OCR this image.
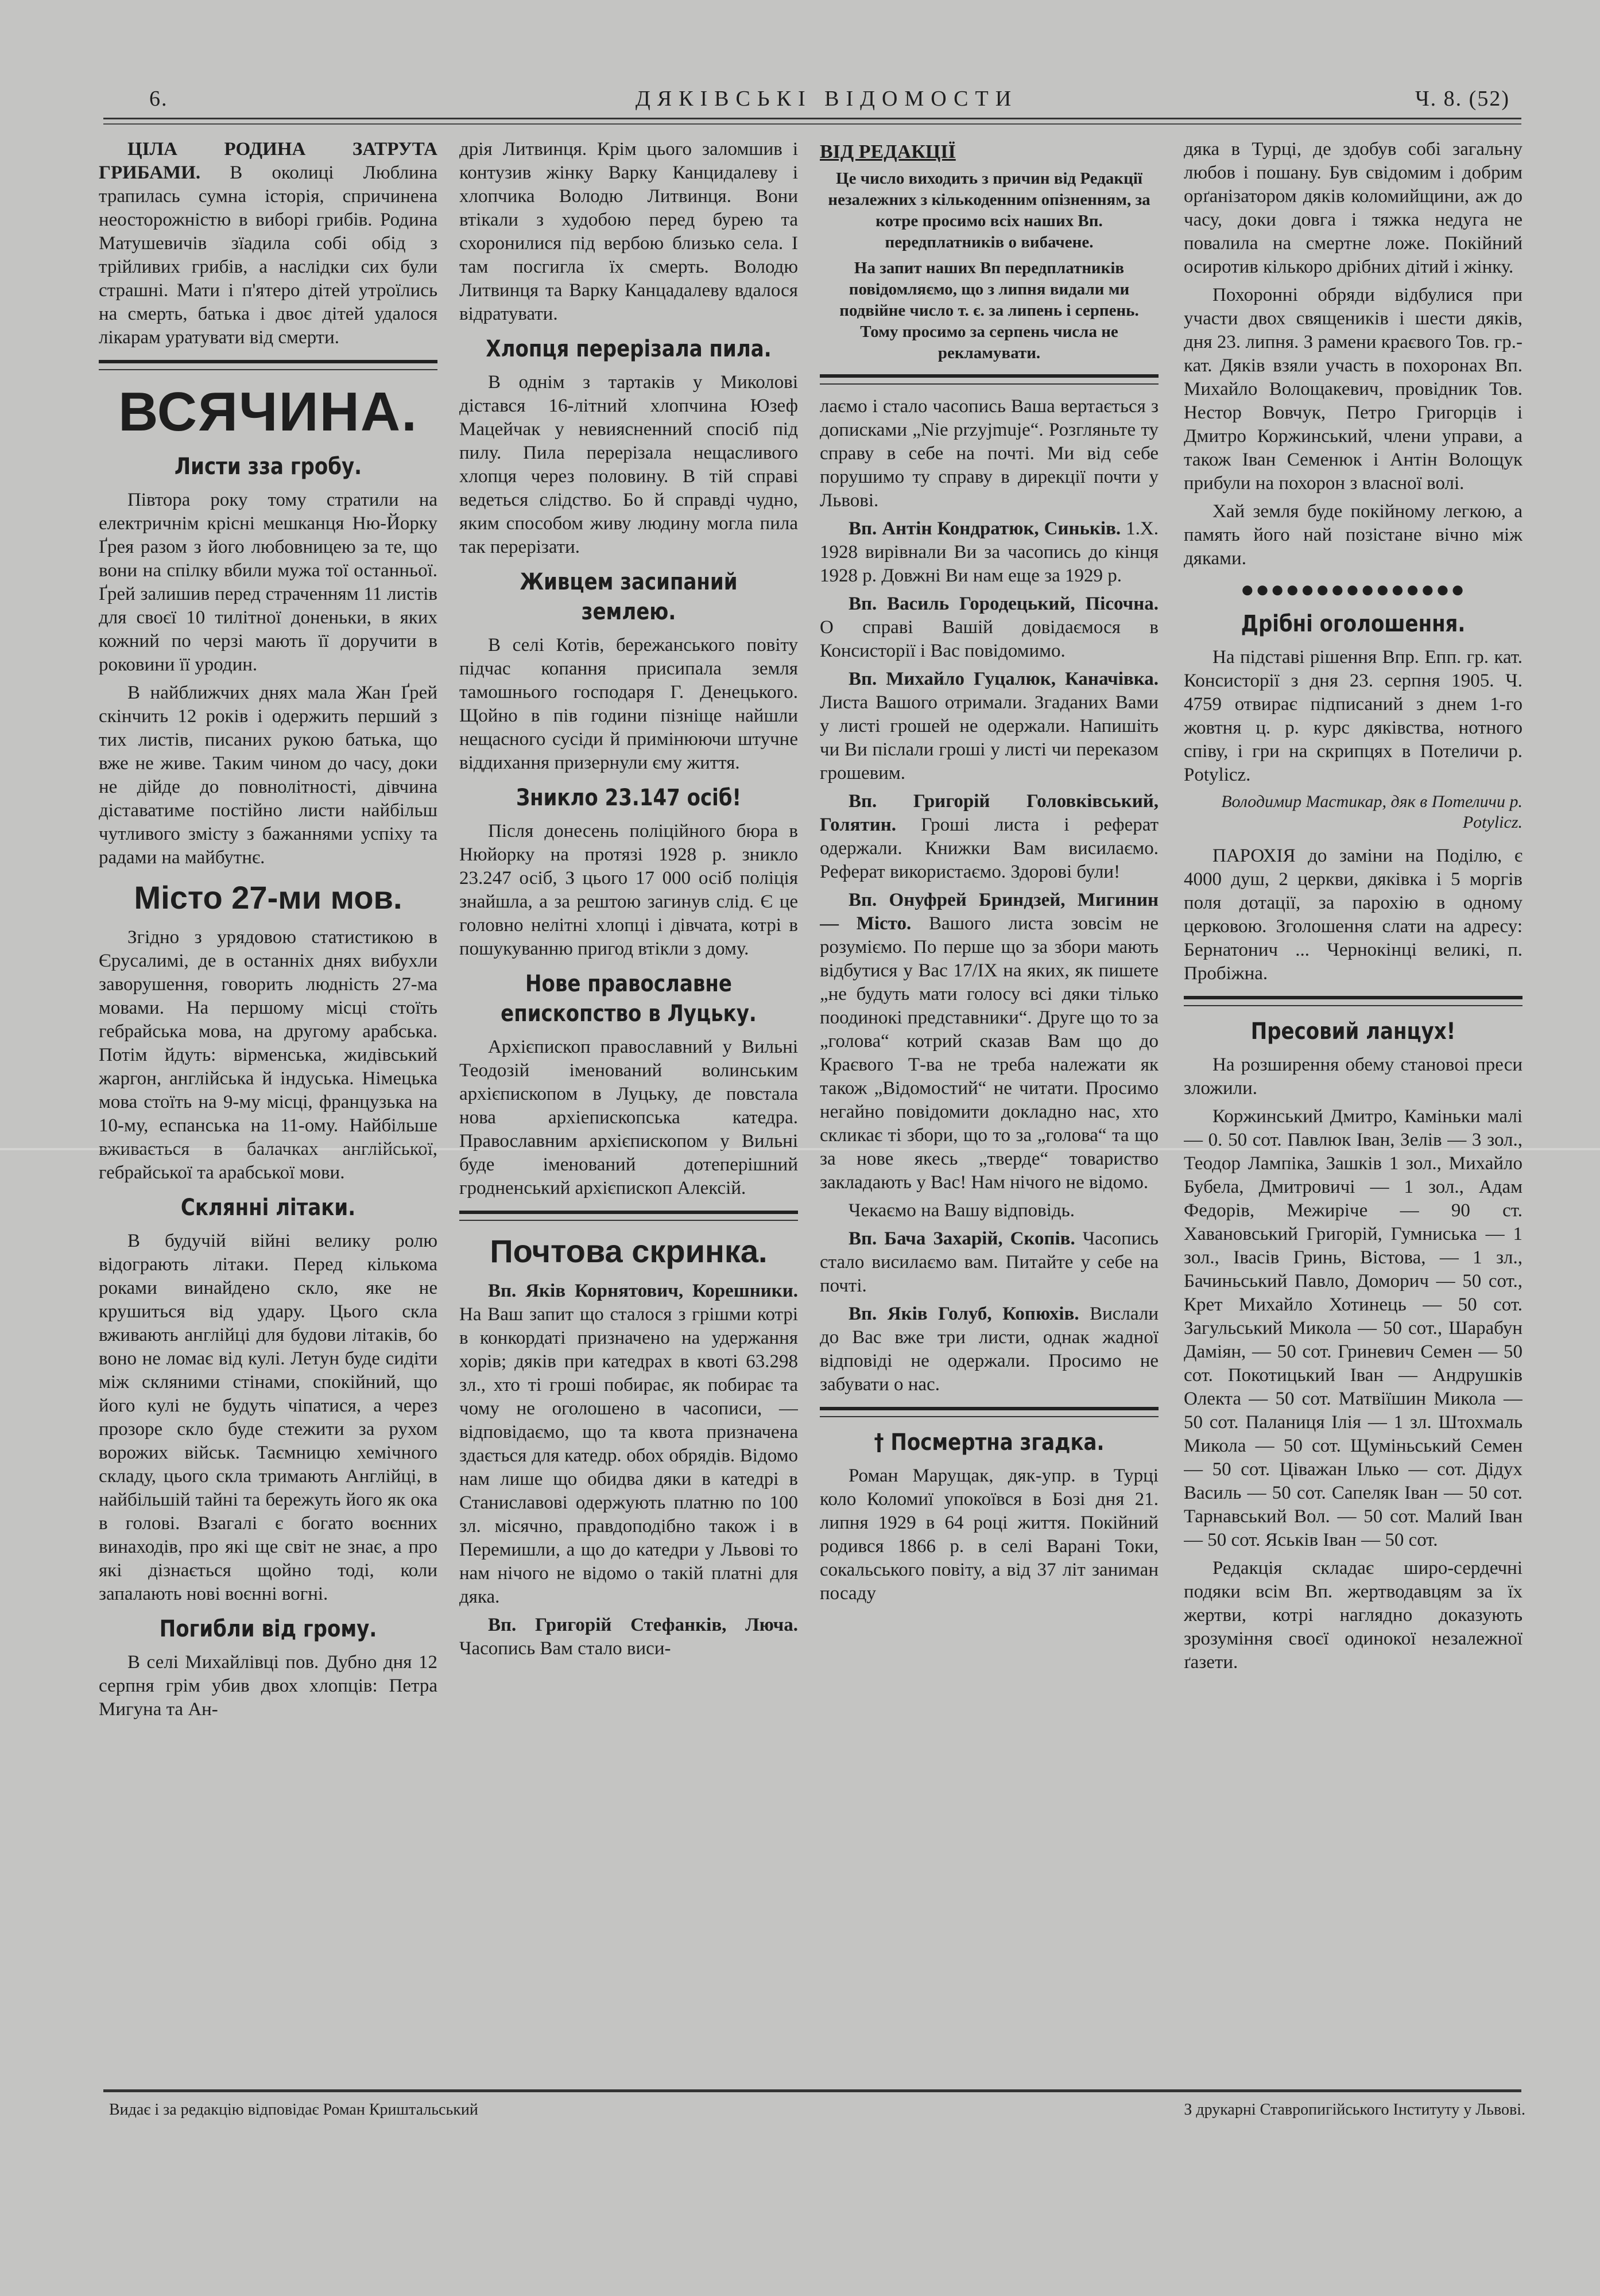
6.	ДЯКІВСЬКІ ВІДОМОСТИ	Ч. 8. (52)

ЦІЛА РОДИНА ЗАТРУТА ГРИБАМИ. В околиці Люблина трапилась сумна історія, спричинена неосторожністю в виборі грибів. Родина Матушевичів зїадила собі обід з трійливих грибів, а наслідки сих були страшні. Мати і п'ятеро дітей утроїлись на смерть, батька і двоє дітей удалося лікарам уратувати від смерти.

ВСЯЧИНА.
Листи зза гробу.

Півтора року тому стратили на електричнім крісні мешканця Ню-Йорку Ґрея разом з його любовницею за те, що вони на спілку вбили мужа тої останньої. Ґрей залишив перед страченням 11 листів для своєї 10 тилітної доненьки, в яких кожний по черзі мають її доручити в роковини її уродин.

В найближчих днях мала Жан Ґрей скінчить 12 років і одержить перший з тих листів, писаних рукою батька, що вже не живе. Таким чином до часу, доки не дійде до повнолітності, дівчина діставатиме постійно листи найбільш чутливого змісту з бажаннями успіху та радами на майбутнє.

Місто 27-ми мов.

Згідно з урядовою статистикою в Єрусалимі, де в останніх днях вибухли заворушення, говорить людність 27-ма мовами. На першому місці стоїть гебрайська мова, на другому арабська. Потім йдуть: вірменська, жидівський жаргон, англійська й індуська. Німецька мова стоїть на 9-му місці, французька на 10-му, еспанська на 11-ому. Найбільше вживається в балачках англійської, гебрайської та арабської мови.

Склянні літаки.

В будучій війні велику ролю відограють літаки. Перед кількома роками винайдено скло, яке не крушиться від удару. Цього скла вживають англійці для будови літаків, бо воно не ломає від кулі. Летун буде сидіти між скляними стінами, спокійний, що його кулі не будуть чіпатися, а через прозоре скло буде стежити за рухом ворожих військ. Таємницю хемічного складу, цього скла тримають Англійці, в найбільшій тайні та бережуть його як ока в голові. Взагалі є богато воєнних винаходів, про які ще світ не знає, а про які дізнається щойно тоді, коли запалають нові воєнні вогні.

Погибли від грому.

В селі Михайлівці пов. Дубно дня 12 серпня грім убив двох хлопців: Петра Мигуна та Ан-

дрія Литвинця. Крім цього заломшив і контузив жінку Варку Канцидалеву і хлопчика Володю Литвинця. Вони втікали з худобою перед бурею та схоронилися під вербою близько села. І там посгигла їх смерть. Володю Литвинця та Варку Канцадалеву вдалося відратувати.

Хлопця перерізала пила.

В однім з тартаків у Миколові дістався 16-літний хлопчина Юзеф Мацейчак у невиясненний спосіб під пилу. Пила перерізала нещасливого хлопця через половину. В тій справі ведеться слідство. Бо й справді чудно, яким способом живу людину могла пила так перерізати.

Живцем засипаний землею.

В селі Котів, бережанського повіту підчас копання присипала земля тамошнього господаря Г. Денецького. Щойно в пів години пізніще найшли нещасного сусіди й примінюючи штучне віддихання призернули єму життя.

Зникло 23.147 осіб!

Після донесень поліційного бюра в Нюйорку на протязі 1928 р. зникло 23.247 осіб, З цього 17 000 осіб поліція знайшла, а за рештою загинув слід. Є це головно нелітні хлопці і дівчата, котрі в пошукуванню пригод втікли з дому.

Нове православне епископство в Луцьку.

Архієпископ православний у Вильні Теодозій іменований волинським архієпископом в Луцьку, де повстала нова архіепископська катедра. Православним архієпископом у Вильні буде іменований дотеперішний гродненський архієпископ Алексій.

Почтова скринка.

Вп. Яків Корнятович, Корешники. На Ваш запит що сталося з грішми котрі в конкордаті призначено на удержання хорів; дяків при катедрах в квоті 63.298 зл., хто ті гроші побирає, як побирає та чому не оголошено в часописи, — відповідаємо, що та квота призначена здається для катедр. обох обрядів. Відомо нам лише що обидва дяки в катедрі в Станиславові одержують платню по 100 зл. місячно, правдоподібно також і в Перемишли, а що до катедри у Львові то нам нічого не відомо о такій платні для дяка.

Вп. Григорій Стефанків, Люча. Часопись Вам стало виси-

ВІД РЕДАКЦІЇ

Це число виходить з причин від Редакції незалежних з кількоденним опізненням, за котре просимо всіх наших Вп. передплатників о вибачене.

На запит наших Вп передплатників повідомляємо, що з липня видали ми подвійне число т. є. за липень і серпень. Тому просимо за серпень числа не рекламувати.

лаємо і стало часопись Ваша вертається з дописками „Nie przyjmuje“. Розгляньте ту справу в себе на почті. Ми від себе порушимо ту справу в дирекції почти у Львові.

Вп. Антін Кондратюк, Синьків. 1.X. 1928 вирівнали Ви за часопись до кінця 1928 р. Довжні Ви нам еще за 1929 р.

Вп. Василь Городецький, Пісочна. О справі Вашій довідаємося в Консисторії і Вас повідомимо.

Вп. Михайло Гуцалюк, Каначівка. Листа Вашого отримали. Згаданих Вами у листі грошей не одержали. Напишіть чи Ви післали гроші у листі чи переказом грошевим.

Вп. Григорій Головківський, Голятин. Гроші листа і реферат одержали. Книжки Вам висилаємо. Реферат використаємо. Здорові були!

Вп. Онуфрей Бриндзей, Мигинин — Місто. Вашого листа зовсім не розуміємо. По перше що за збори мають відбутися у Вас 17/IX на яких, як пишете „не будуть мати голосу всі дяки тілько поодинокі представники“. Друге що то за „голова“ котрий сказав Вам що до Краєвого Т-ва не треба належати як також „Відомостий“ не читати. Просимо негайно повідомити докладно нас, хто скликає ті збори, що то за „голова“ та що за нове якесь „тверде“ товариство закладають у Вас! Нам нічого не відомо.

Чекаємо на Вашу відповідь.

Вп. Бача Захарій, Скопів. Часопись стало висилаємо вам. Питайте у себе на почті.

Вп. Яків Голуб, Копюхів. Вислали до Вас вже три листи, однак жадної відповіді не одержали. Просимо не забувати о нас.

† Посмертна згадка.

Роман Марущак, дяк-упр. в Турці коло Коломиї упокоївся в Бозі дня 21. липня 1929 в 64 році життя. Покійний родився 1866 р. в селі Варані Токи, сокальського повіту, а від 37 літ заниман посаду

дяка в Турці, де здобув собі загальну любов і пошану. Був свідомим і добрим орґанізатором дяків коломийщини, аж до часу, доки довга і тяжка недуга не повалила на смертне ложе. Покійний осиротив кількоро дрібних дітий і жінку.

Похоронні обряди відбулися при участи двох священиків і шести дяків, дня 23. липня. З рамени краєвого Тов. гр.-кат. Дяків взяли участь в похоронах Вп. Михайло Волощакевич, провідник Тов. Нестор Вовчук, Петро Григорців і Дмитро Коржинський, члени управи, а також Іван Семенюк і Антін Волощук прибули на похорон з власної волі.

Хай земля буде покійному легкою, а память його най позістане вічно між дяками.

●●●●●●●●●●●●●●●
Дрібні оголошення.

На підставі рішення Впр. Епп. гр. кат. Консисторії з дня 23. серпня 1905. Ч. 4759 отвирає підписаний з днем 1-го жовтня ц. р. курс дяківства, нотного співу, і гри на скрипцях в Потеличи р. Potylicz.

Володимир Мастикар, дяк в Потеличи р. Potylicz.

ПАРОХІЯ до заміни на Поділю, є 4000 душ, 2 церкви, дяківка і 5 моргів поля дотації, за парохію в одному церковою. Зголошення слати на адресу: Бернатонич ... Чернокінці великі, п. Пробіжна.

Пресовий ланцух!

На розширення обему становоі преси зложили.

Коржинський Дмитро, Каміньки малі — 0. 50 сот. Павлюк Іван, Зелів — 3 зол., Теодор Лампіка, Зашків 1 зол., Михайло Бубела, Дмитровичі — 1 зол., Адам Федорів, Межиріче — 90 ст. Хавановський Григорій, Гумниська — 1 зол., Івасів Гринь, Вістова, — 1 зл., Бачиньський Павло, Доморич — 50 сот., Крет Михайло Хотинець — 50 сот. Загульський Микола — 50 сот., Шарабун Даміян, — 50 сот. Гриневич Семен — 50 сот. Покотицький Іван — Андрушків Олекта — 50 сот. Матвіїшин Микола — 50 сот. Паланиця Ілія — 1 зл. Штохмаль Микола — 50 сот. Щуміньський Семен — 50 сот. Ціважан Ілько — сот. Дідух Василь — 50 сот. Сапеляк Іван — 50 сот. Тарнавський Вол. — 50 сот. Малий Іван — 50 сот. Яськів Іван — 50 сот.

Редакція складає широ-сердечні подяки всім Вп. жертводавцям за їх жертви, котрі наглядно доказують зрозуміння своєї одинокої незалежної ґазети.

Видає і за редакцію відповідає Роман Криштальський	З друкарні Ставропигійського Інституту у Львові.
